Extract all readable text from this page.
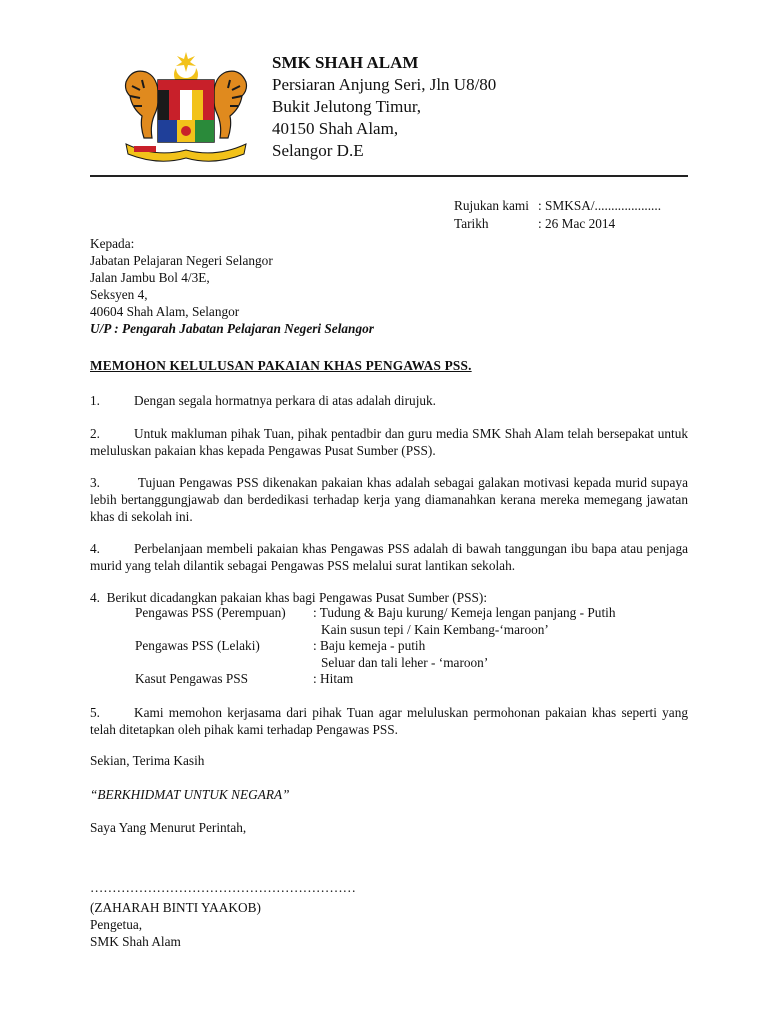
SMK SHAH ALAM

Persiaran Anjung Seri, Jln U8/80

Bukit Jelutong Timur,

40150 Shah Alam,

Selangor D.E

Rujukan kami : SMKSA/....................
Tarikh	: 26 Mac 2014
Kepada:
Jabatan Pelajaran Negeri Selangor
Jalan Jambu Bol 4/3E,
Seksyen 4,
40604 Shah Alam, Selangor
U/P : Pengarah Jabatan Pelajaran Negeri Selangor
MEMOHON KELULUSAN PAKAIAN KHAS PENGAWAS PSS.
1.	Dengan segala hormatnya perkara di atas adalah dirujuk.
2.	Untuk makluman pihak Tuan, pihak pentadbir dan guru media SMK Shah Alam telah bersepakat untuk meluluskan pakaian khas kepada Pengawas Pusat Sumber (PSS).
3.	Tujuan Pengawas PSS dikenakan pakaian khas adalah sebagai galakan motivasi kepada murid supaya lebih bertanggungjawab dan berdedikasi terhadap kerja yang diamanahkan kerana mereka memegang jawatan khas di sekolah ini.
4.	Perbelanjaan membeli pakaian khas Pengawas PSS adalah di bawah tanggungan ibu bapa atau penjaga murid yang telah dilantik sebagai Pengawas PSS melalui surat lantikan sekolah.
4. Berikut dicadangkan pakaian khas bagi Pengawas Pusat Sumber (PSS):
Pengawas PSS (Perempuan)	: Tudung & Baju kurung/ Kemeja lengan panjang - Putih
Kain susun tepi / Kain Kembang-‘maroon’
Pengawas PSS (Lelaki)	: Baju kemeja - putih
Seluar dan tali leher - ‘maroon’
Kasut Pengawas PSS	: Hitam
5.	Kami memohon kerjasama dari pihak Tuan agar meluluskan permohonan pakaian khas seperti yang telah ditetapkan oleh pihak kami terhadap Pengawas PSS.
Sekian, Terima Kasih
“BERKHIDMAT UNTUK NEGARA”
Saya Yang Menurut Perintah,
……………………………………………………
(ZAHARAH BINTI YAAKOB)
Pengetua,
SMK Shah Alam
